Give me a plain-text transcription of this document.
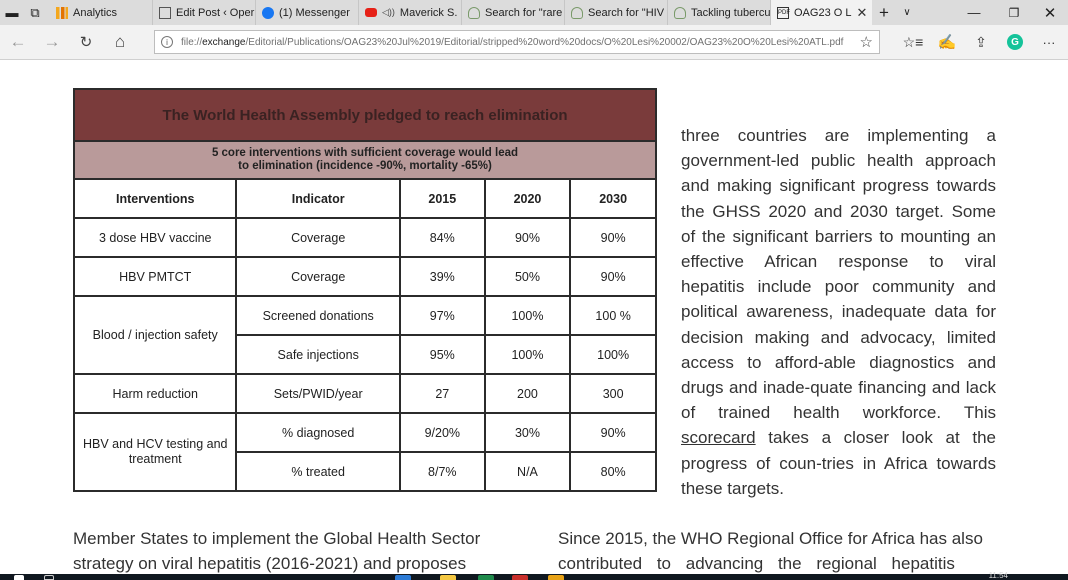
▬ ⧉	Analytics	Edit Post ‹ Oper (1) Messenger	◁)) Maverick S.	Search for "rare Search for "HIV Tackling tubercu PDF OAG23 O L ✕ +	∨	—	❐	✕
← →	↻	⌂	i	file:// exchange /Editorial/Publications/OAG23%20Jul%2019/Editorial/stripped%20word%20docs/O%20Lesi%20002/OAG23%20O%20Lesi%20ATL.pdf ☆ ☆≡ ✍	⇪	G	···
The World Health Assembly pledged to reach elimination				
5 core interventions with sufficient coverage would lead
to elimination (incidence -90%, mortality -65%)				
Interventions	Indicator	2015	2020	2030
3 dose HBV vaccine	Coverage	84%	90%	90%
HBV PMTCT	Coverage	39%	50%	90%
Blood / injection safety	Screened donations	97%	100%	100 %
	Safe injections	95%	100%	100%
Harm reduction	Sets/PWID/year	27	200	300
HBV and HCV testing and treatment	% diagnosed	9/20%	30%	90%
	% treated	8/7%	N/A	80%

three countries are implementing a government-led public health approach and making significant progress towards the GHSS 2020 and 2030 target. Some of the significant barriers to mounting an effective African response to viral hepatitis include poor community and political awareness, inadequate data for decision making and advocacy, limited access to afford-able diagnostics and drugs and inade-quate financing and lack of trained health workforce. This scorecard takes a closer look at the progress of coun-tries in Africa towards these targets.

Member States to implement the Global Health Sector
strategy on viral hepatitis (2016-2021) and proposes
Since 2015, the WHO Regional Office for Africa has also
contributed to advancing the regional hepatitis
11:54
